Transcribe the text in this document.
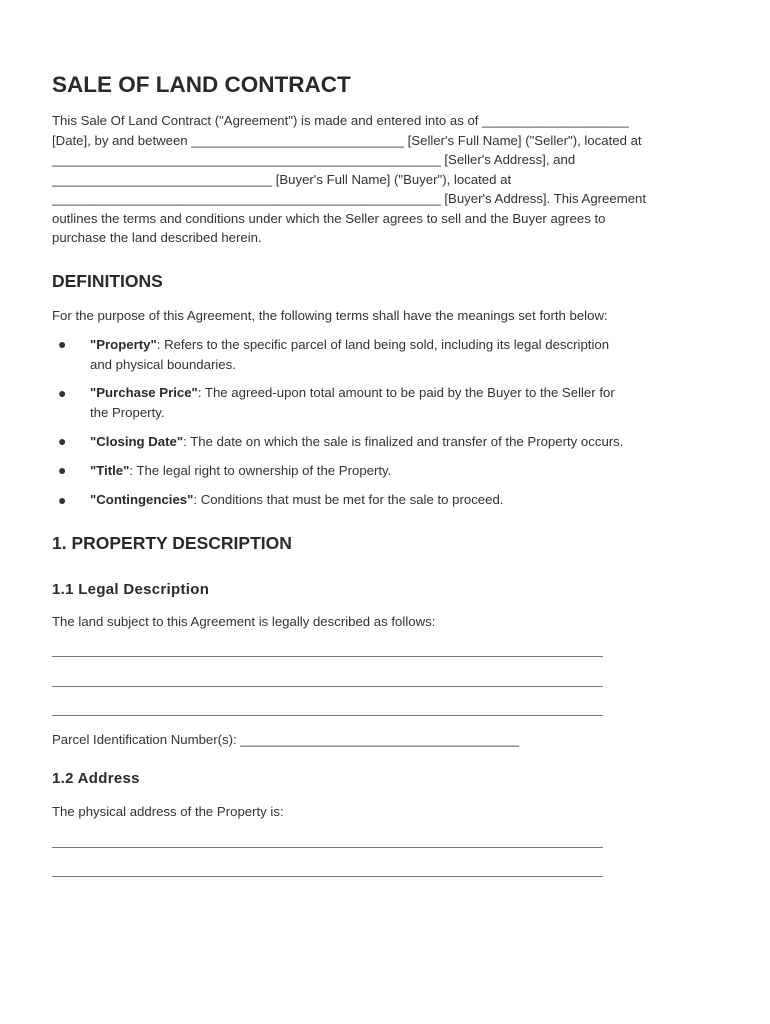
SALE OF LAND CONTRACT
This Sale Of Land Contract ("Agreement") is made and entered into as of ____________________
[Date], by and between _____________________________ [Seller's Full Name] ("Seller"), located at
_____________________________________________________ [Seller's Address], and
______________________________ [Buyer's Full Name] ("Buyer"), located at
_____________________________________________________ [Buyer's Address]. This Agreement
outlines the terms and conditions under which the Seller agrees to sell and the Buyer agrees to
purchase the land described herein.
DEFINITIONS
For the purpose of this Agreement, the following terms shall have the meanings set forth below:
● "Property": Refers to the specific parcel of land being sold, including its legal description
and physical boundaries.
● "Purchase Price": The agreed-upon total amount to be paid by the Buyer to the Seller for
the Property.
● "Closing Date": The date on which the sale is finalized and transfer of the Property occurs.
● "Title": The legal right to ownership of the Property.
● "Contingencies": Conditions that must be met for the sale to proceed.
1. PROPERTY DESCRIPTION
1.1 Legal Description
The land subject to this Agreement is legally described as follows:
Parcel Identification Number(s): ______________________________________
1.2 Address
The physical address of the Property is:
